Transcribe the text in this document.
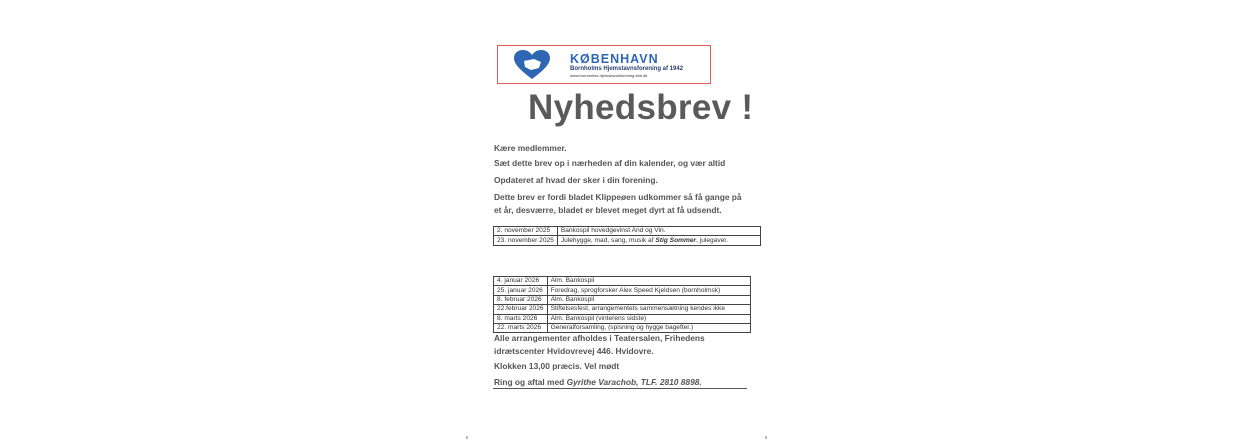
KØBENHAVN
Bornholms Hjemstavnsforening af 1942
www.bornholms-hjemstavnsforening-kbh.dk
Nyhedsbrev !
Kære medlemmer.
Sæt dette brev op i nærheden af din kalender, og vær altid
Opdateret af hvad der sker i din forening.
Dette brev er fordi bladet Klippeøen udkommer så få gange på
et år, desværre, bladet er blevet meget dyrt at få udsendt.
2. november 2025	Bankospil hovedgevinst And og Vin.
23. november 2025	Julehygge, mad, sang, musik af Stig Sommer, julegaver.
4. januar 2026	Alm. Bankospil
25. januar 2026	Foredrag, sprogforsker Alex Speed Kjeldsen (bornholmsk)
8. februar 2026	Alm. Bankospil
22.februar 2026	Stiftelsesfest, arrangementets sammensætning kendes ikke
8. marts 2026	Alm. Bankospil (vinterens sidste)
22. marts 2026	Generalforsamling, (spisning og hygge bagefter.)
Alle arrangementer afholdes i Teatersalen, Frihedens
idrætscenter Hvidovrevej 446. Hvidovre.
Klokken 13,00 præcis. Vel mødt
Ring og aftal med Gyrithe Varachob, TLF. 2810 8898.
